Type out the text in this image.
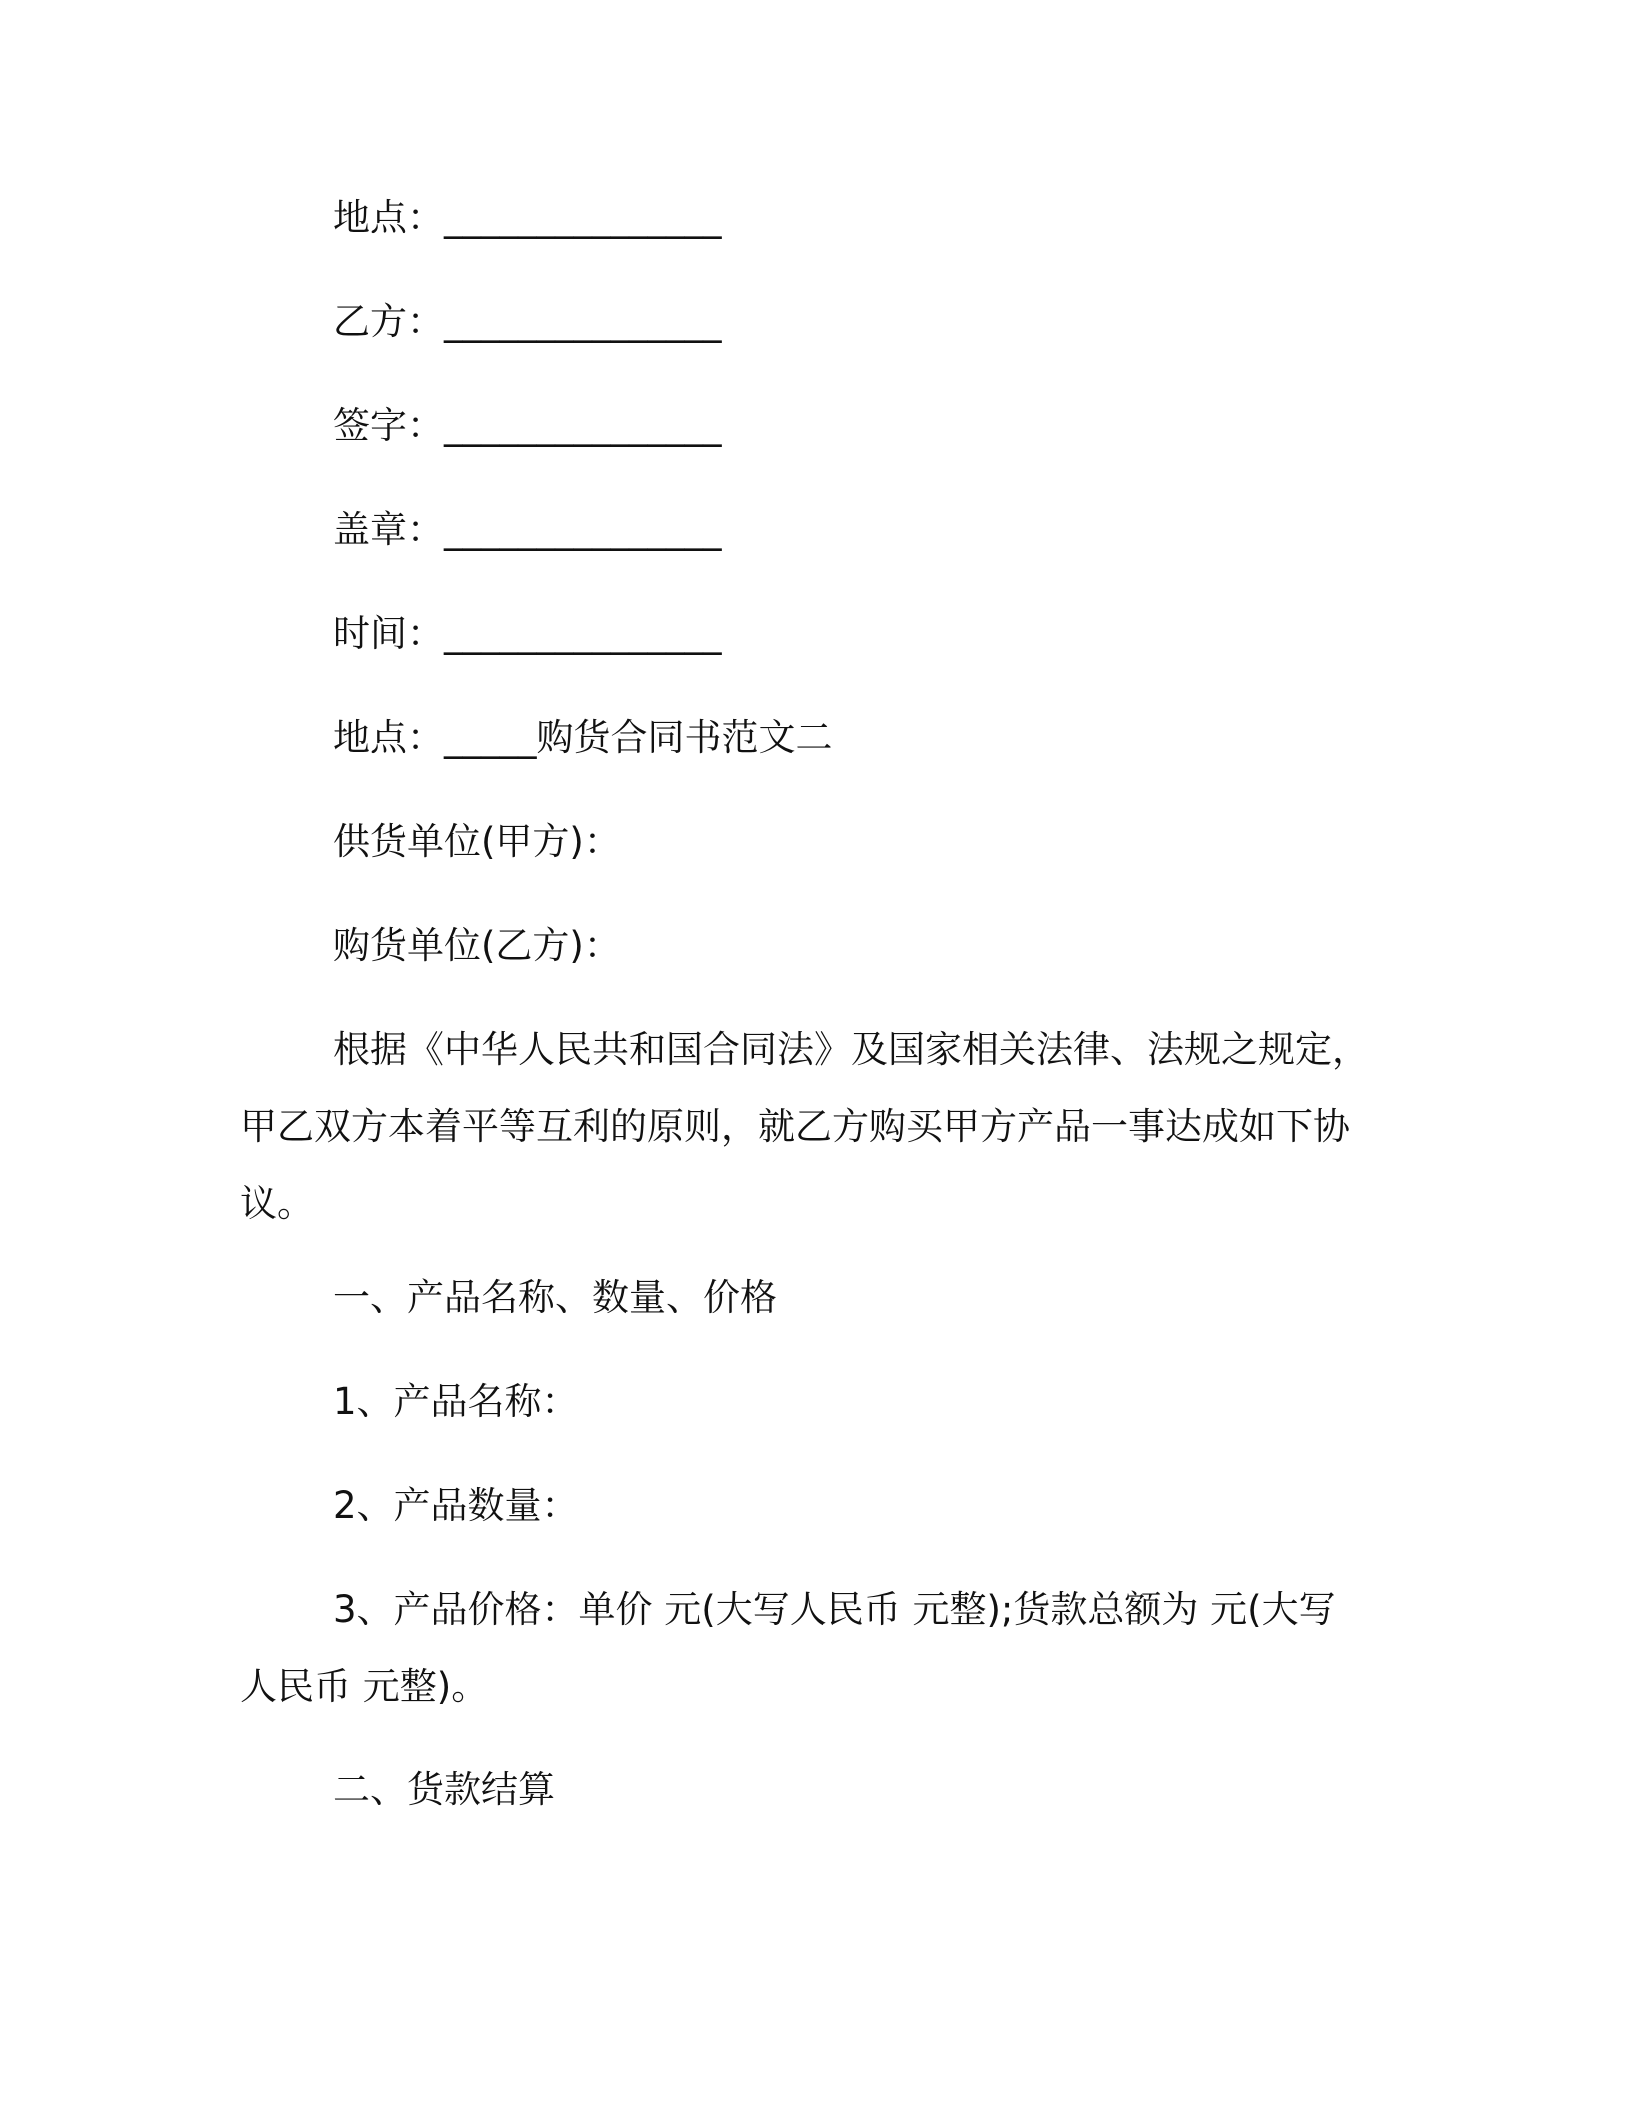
地点：_______________

乙方：_______________

签字：_______________

盖章：_______________

时间：_______________

地点：_____购货合同书范文二

供货单位(甲方)：

购货单位(乙方)：

根据《中华人民共和国合同法》及国家相关法律、法规之规定，甲乙双方本着平等互利的原则，就乙方购买甲方产品一事达成如下协议。

一、产品名称、数量、价格

1、产品名称：

2、产品数量：

3、产品价格：单价 元(大写人民币 元整);货款总额为 元(大写人民币 元整)。

二、货款结算
